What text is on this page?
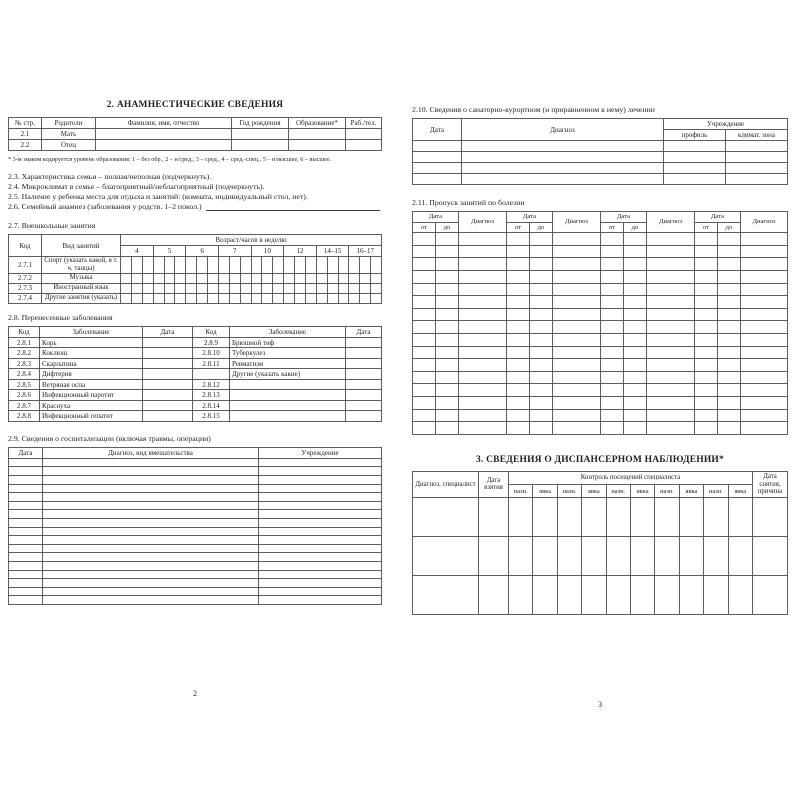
2. АНАМНЕСТИЧЕСКИЕ СВЕДЕНИЯ
№ стр.	Родители	Фамилия, имя, отчество	Год рождения	Образование*	Раб./тел.
2.1	Мать				
2.2	Отец				
* 3-м знаком кодируется уровень образования: 1 – без обр., 2 – н/сред., 3 – сред., 4 – сред.-спец., 5 – н/высшее, 6 – высшее.
2.3. Характеристика семьи – полная/неполная (подчеркнуть).
2.4. Микроклимат в семье – благоприятный/неблагоприятный (подчеркнуть).
2.5. Наличие у ребенка места для отдыха и занятий: (комната, индивидуальный стол, нет).
2.6. Семейный анамнез (заболевания у родств. 1–2 покол.)
2.7. Внешкольные занятия
Код	Вид занятий	Возраст/часов в неделю																							
		4			5			6			7			10			12			14–15			16–17		
2.7.1	Спорт (указать какой, в т. ч. танцы)																								
2.7.2	Музыка																								
2.7.3	Иностранный язык																								
2.7.4	Другие занятия (указать)																								
2.8. Перенесенные заболевания
Код	Заболевание	Дата	Код	Заболевание	Дата
2.8.1	Корь		2.8.9	Брюшной тиф	
2.8.2	Коклюш		2.8.10	Туберкулез	
2.8.3	Скарлатина		2.8.11	Ревматизм	
2.8.4	Дифтерия			Другие (указать какие)	
2.8.5	Ветряная оспа		2.8.12		
2.8.6	Инфекционный паротит		2.8.13		
2.8.7	Краснуха		2.8.14		
2.8.8	Инфекционный гепатит		2.8.15		
2.9. Сведения о госпитализации (включая травмы, операции)
Дата	Диагноз, вид вмешательства	Учреждение

2
2.10. Сведения о санаторно-курортном (и приравненном к нему) лечении
Дата	Диагноз	Учреждение	
		профиль	климат. зона

2.11. Пропуск занятий по болезни
Дата		Диагноз	Дата		Диагноз	Дата		Диагноз	Дата		Диагноз
от	до		от	до		от	до		от	до	

3. СВЕДЕНИЯ О ДИСПАНСЕРНОМ НАБЛЮДЕНИИ*
Диагноз, специалист	Дата взятия	Контроль посещений специалиста										Дата снятия, причина
		назн.	явка	назн.	явка	назн.	явка	назн.	явка	назн.	явка	

3
